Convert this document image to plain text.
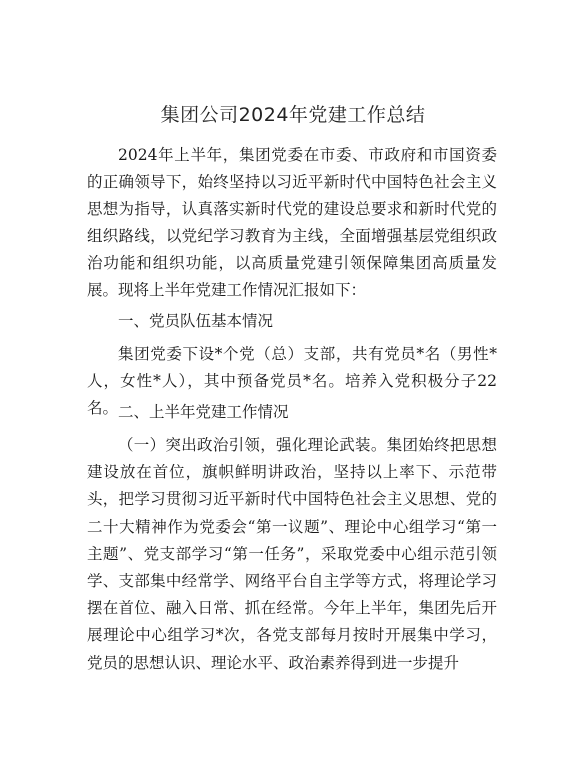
集团公司2024年党建工作总结

2024年上半年，集团党委在市委、市政府和市国资委的正确领导下，始终坚持以习近平新时代中国特色社会主义思想为指导，认真落实新时代党的建设总要求和新时代党的组织路线，以党纪学习教育为主线，全面增强基层党组织政治功能和组织功能，以高质量党建引领保障集团高质量发展。现将上半年党建工作情况汇报如下：

一、党员队伍基本情况

集团党委下设*个党（总）支部，共有党员*名（男性*人，女性*人），其中预备党员*名。培养入党积极分子22名。 二、上半年党建工作情况

（一）突出政治引领，强化理论武装。集团始终把思想建设放在首位，旗帜鲜明讲政治，坚持以上率下、示范带头，把学习贯彻习近平新时代中国特色社会主义思想、党的二十大精神作为党委会“第一议题”、理论中心组学习“第一主题”、党支部学习“第一任务”，采取党委中心组示范引领学、支部集中经常学、网络平台自主学等方式，将理论学习摆在首位、融入日常、抓在经常。今年上半年，集团先后开展理论中心组学习*次，各党支部每月按时开展集中学习，党员的思想认识、理论水平、政治素养得到进一步提升
